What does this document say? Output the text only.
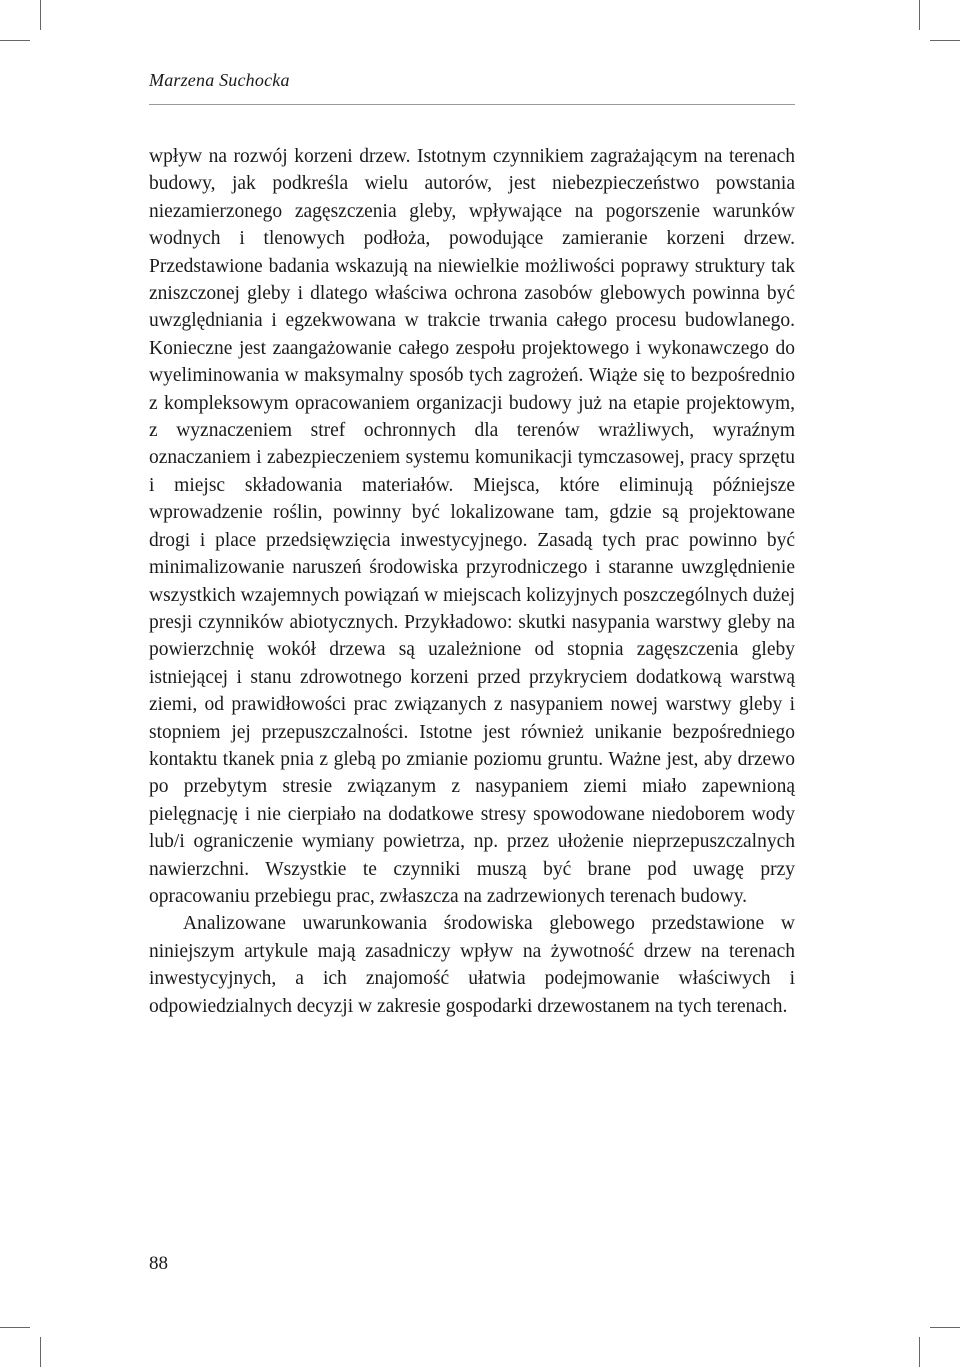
Marzena Suchocka

wpływ na rozwój korzeni drzew. Istotnym czynnikiem zagrażającym na terenach budowy, jak podkreśla wielu autorów, jest niebezpieczeństwo powstania niezamierzonego zagęszczenia gleby, wpływające na pogorszenie warunków wodnych i tlenowych podłoża, powodujące zamieranie korzeni drzew. Przedstawione badania wskazują na niewielkie możliwości poprawy struktury tak zniszczonej gleby i dlatego właściwa ochrona zasobów glebowych powinna być uwzględniania i egzekwowana w trakcie trwania całego procesu budowlanego. Konieczne jest zaangażowanie całego zespołu projektowego i wykonawczego do wyeliminowania w maksymalny sposób tych zagrożeń. Wiąże się to bezpośrednio z kompleksowym opracowaniem organizacji budowy już na etapie projektowym, z wyznaczeniem stref ochronnych dla terenów wrażliwych, wyraźnym oznaczaniem i zabezpieczeniem systemu komunikacji tymczasowej, pracy sprzętu i miejsc składowania materiałów. Miejsca, które eliminują późniejsze wprowadzenie roślin, powinny być lokalizowane tam, gdzie są projektowane drogi i place przedsięwzięcia inwestycyjnego. Zasadą tych prac powinno być minimalizowanie naruszeń środowiska przyrodniczego i staranne uwzględnienie wszystkich wzajemnych powiązań w miejscach kolizyjnych poszczególnych dużej presji czynników abiotycznych. Przykładowo: skutki nasypania warstwy gleby na powierzchnię wokół drzewa są uzależnione od stopnia zagęszczenia gleby istniejącej i stanu zdrowotnego korzeni przed przykryciem dodatkową warstwą ziemi, od prawidłowości prac związanych z nasypaniem nowej warstwy gleby i stopniem jej przepuszczalności. Istotne jest również unikanie bezpośredniego kontaktu tkanek pnia z glebą po zmianie poziomu gruntu. Ważne jest, aby drzewo po przebytym stresie związanym z nasypaniem ziemi miało zapewnioną pielęgnację i nie cierpiało na dodatkowe stresy spowodowane niedoborem wody lub/i ograniczenie wymiany powietrza, np. przez ułożenie nieprzepuszczalnych nawierzchni. Wszystkie te czynniki muszą być brane pod uwagę przy opracowaniu przebiegu prac, zwłaszcza na zadrzewionych terenach budowy.

Analizowane uwarunkowania środowiska glebowego przedstawione w niniejszym artykule mają zasadniczy wpływ na żywotność drzew na terenach inwestycyjnych, a ich znajomość ułatwia podejmowanie właściwych i odpowiedzialnych decyzji w zakresie gospodarki drzewostanem na tych terenach.

88
